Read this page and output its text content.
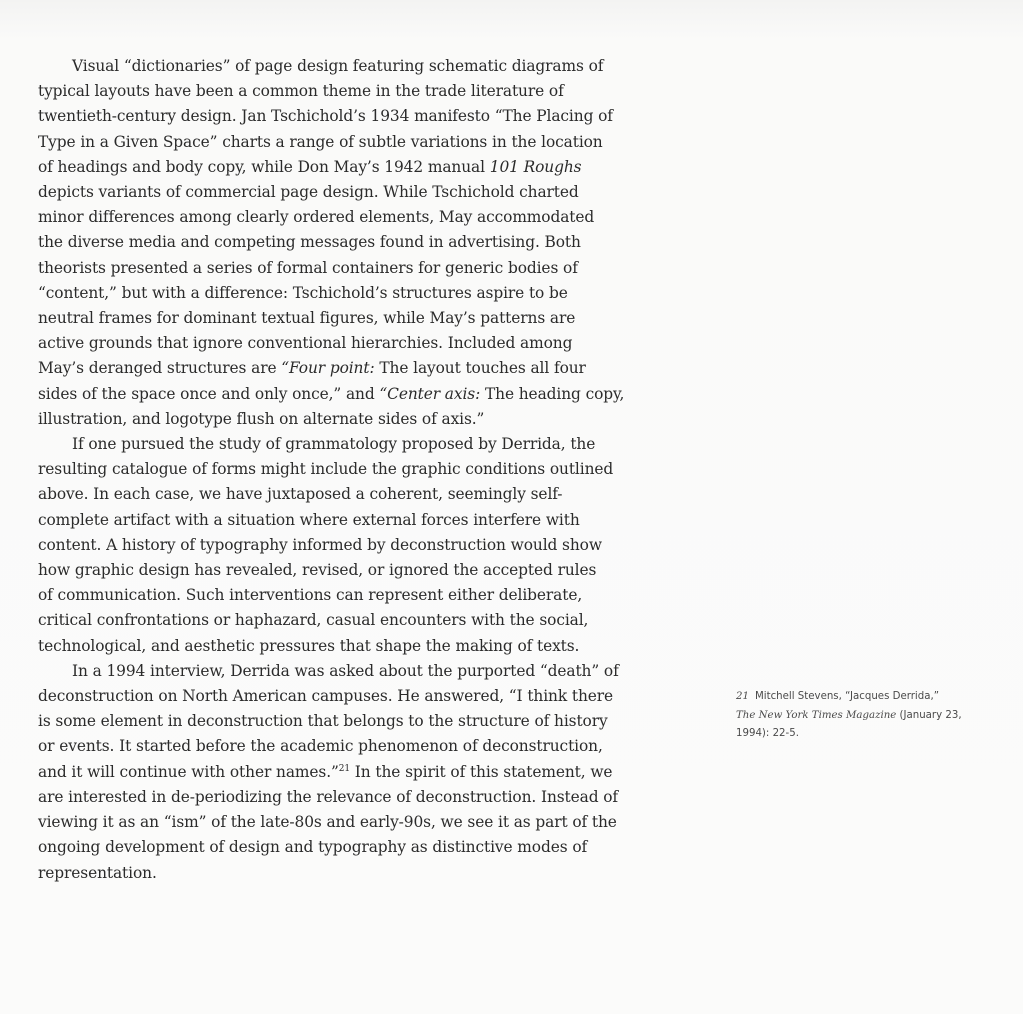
Visual “dictionaries” of page design featuring schematic diagrams of
typical layouts have been a common theme in the trade literature of
twentieth-century design. Jan Tschichold’s 1934 manifesto “The Placing of
Type in a Given Space” charts a range of subtle variations in the location
of headings and body copy, while Don May’s 1942 manual 101 Roughs
depicts variants of commercial page design. While Tschichold charted
minor differences among clearly ordered elements, May accommodated
the diverse media and competing messages found in advertising. Both
theorists presented a series of formal containers for generic bodies of
“content,” but with a difference: Tschichold’s structures aspire to be
neutral frames for dominant textual figures, while May’s patterns are
active grounds that ignore conventional hierarchies. Included among
May’s deranged structures are “Four point: The layout touches all four
sides of the space once and only once,” and “Center axis: The heading copy,
illustration, and logotype flush on alternate sides of axis.”

If one pursued the study of grammatology proposed by Derrida, the
resulting catalogue of forms might include the graphic conditions outlined
above. In each case, we have juxtaposed a coherent, seemingly self-
complete artifact with a situation where external forces interfere with
content. A history of typography informed by deconstruction would show
how graphic design has revealed, revised, or ignored the accepted rules
of communication. Such interventions can represent either deliberate,
critical confrontations or haphazard, casual encounters with the social,
technological, and aesthetic pressures that shape the making of texts.

In a 1994 interview, Derrida was asked about the purported “death” of
deconstruction on North American campuses. He answered, “I think there
is some element in deconstruction that belongs to the structure of history
or events. It started before the academic phenomenon of deconstruction,
and it will continue with other names.”$^{21}$ In the spirit of this statement, we
are interested in de-periodizing the relevance of deconstruction. Instead of
viewing it as an “ism” of the late-80s and early-90s, we see it as part of the
ongoing development of design and typography as distinctive modes of
representation.

21 Mitchell Stevens, “Jacques Derrida,”
The New York Times Magazine (January 23,
1994): 22-5.
